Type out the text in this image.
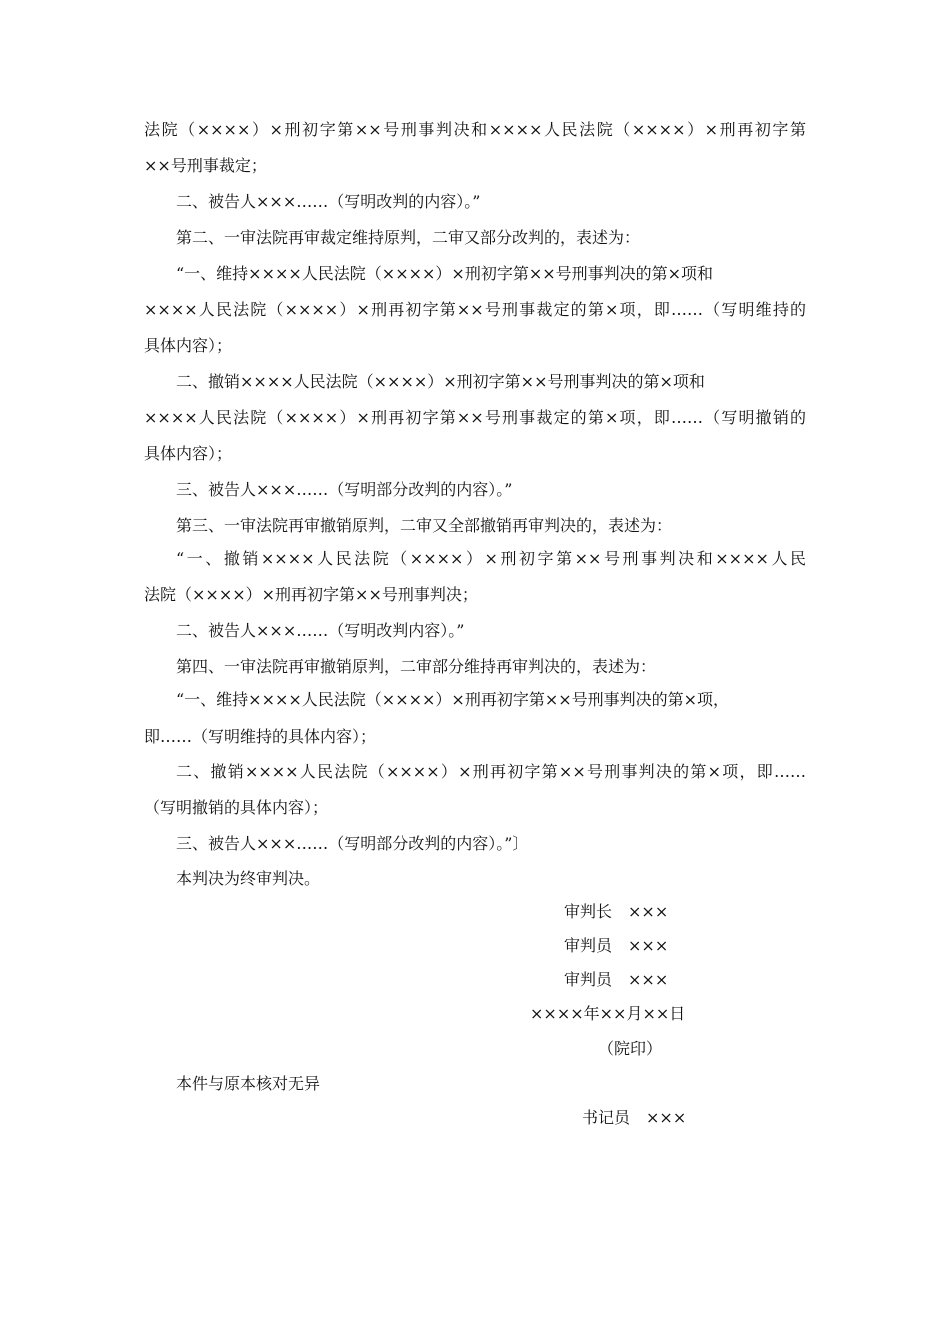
法院（××××）×刑初字第××号刑事判决和××××人民法院（××××）×刑再初字第
××号刑事裁定；
二、被告人×××……（写明改判的内容）。”
第二、一审法院再审裁定维持原判，二审又部分改判的，表述为：
“一、维持××××人民法院（××××）×刑初字第××号刑事判决的第×项和
××××人民法院（××××）×刑再初字第××号刑事裁定的第×项，即……（写明维持的
具体内容）；
二、撤销××××人民法院（××××）×刑初字第××号刑事判决的第×项和
××××人民法院（××××）×刑再初字第××号刑事裁定的第×项，即……（写明撤销的
具体内容）；
三、被告人×××……（写明部分改判的内容）。”
第三、一审法院再审撤销原判，二审又全部撤销再审判决的，表述为：
“一、撤销××××人民法院（××××）×刑初字第××号刑事判决和××××人民
法院（××××）×刑再初字第××号刑事判决；
二、被告人×××……（写明改判内容）。”
第四、一审法院再审撤销原判，二审部分维持再审判决的，表述为：
“一、维持××××人民法院（××××）×刑再初字第××号刑事判决的第×项，
即……（写明维持的具体内容）；
二、撤销××××人民法院（××××）×刑再初字第××号刑事判决的第×项，即……
（写明撤销的具体内容）；
三、被告人×××……（写明部分改判的内容）。”〕
本判决为终审判决。
审判长　×××
审判员　×××
审判员　×××
××××年××月××日
（院印）
本件与原本核对无异
书记员　×××
